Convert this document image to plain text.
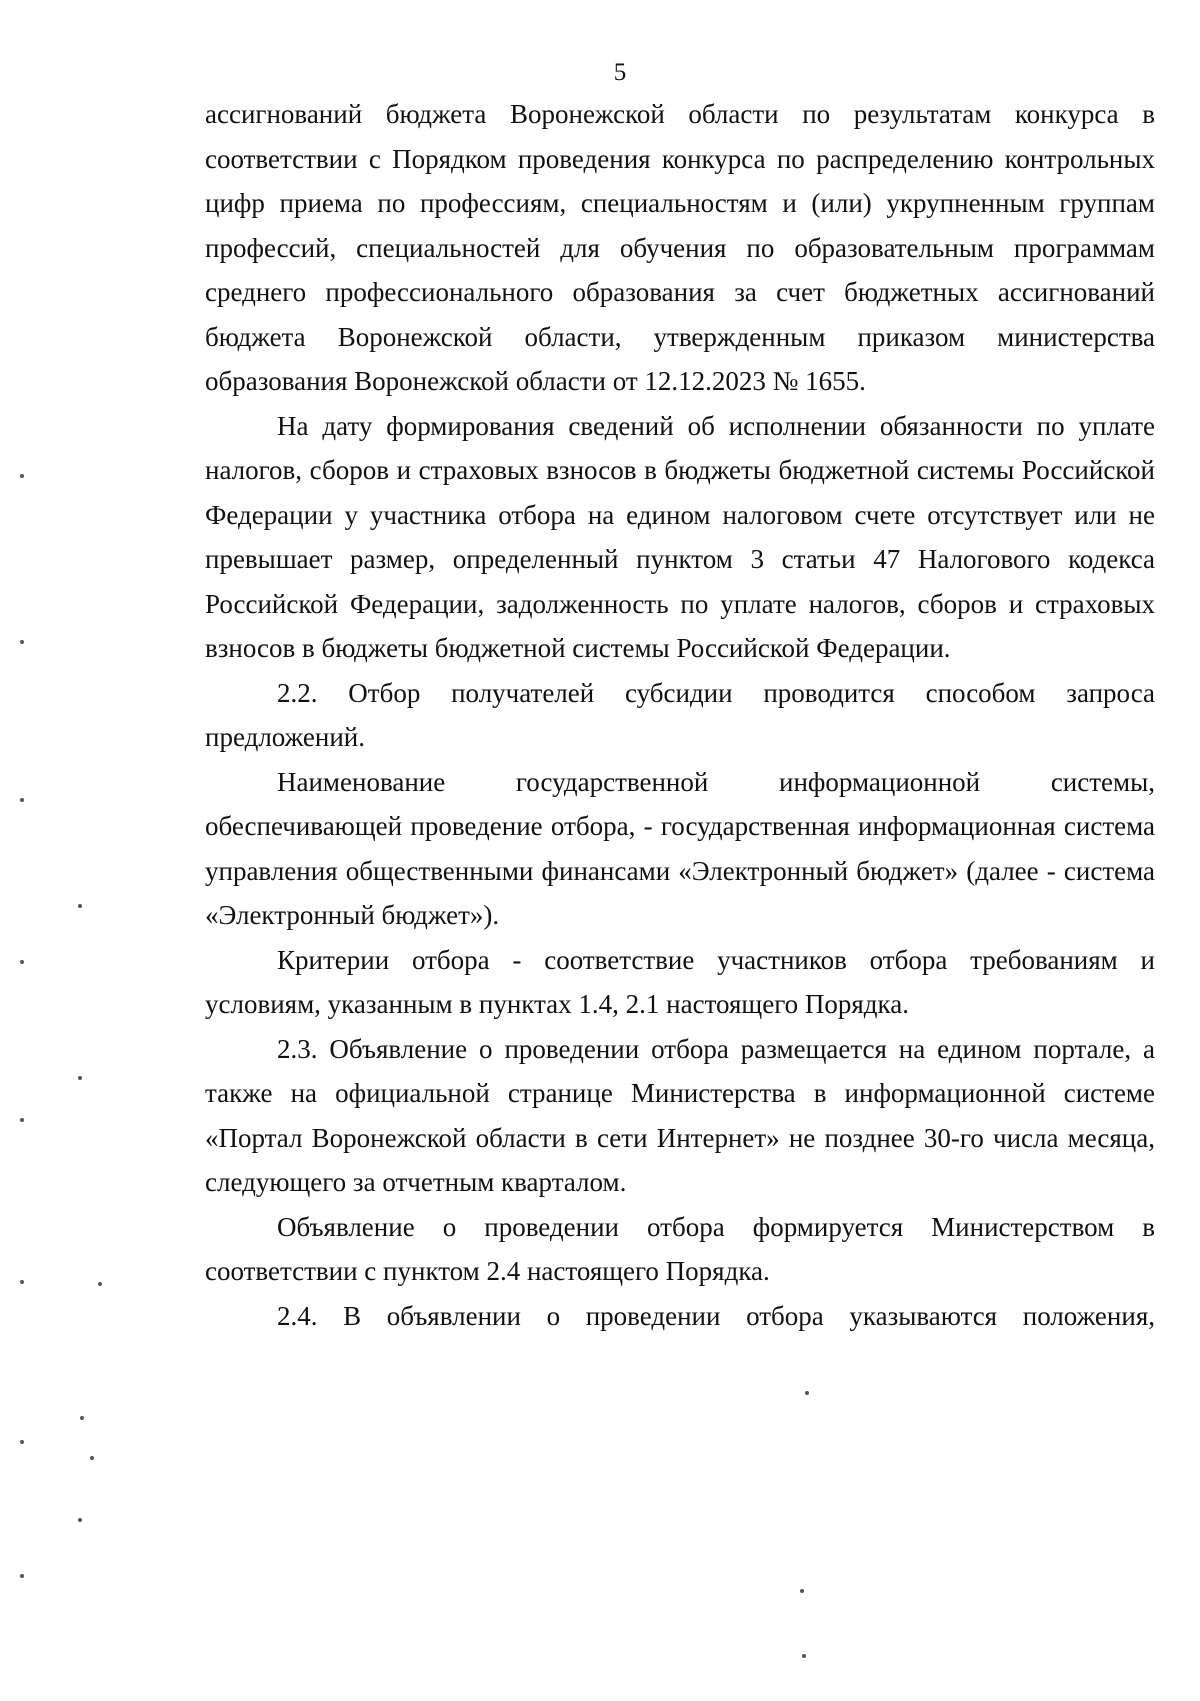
5

ассигнований бюджета Воронежской области по результатам конкурса в соответствии с Порядком проведения конкурса по распределению контрольных цифр приема по профессиям, специальностям и (или) укрупненным группам профессий, специальностей для обучения по образовательным программам среднего профессионального образования за счет бюджетных ассигнований бюджета Воронежской области, утвержденным приказом министерства образования Воронежской области от 12.12.2023 № 1655.

На дату формирования сведений об исполнении обязанности по уплате налогов, сборов и страховых взносов в бюджеты бюджетной системы Российской Федерации у участника отбора на едином налоговом счете отсутствует или не превышает размер, определенный пунктом 3 статьи 47 Налогового кодекса Российской Федерации, задолженность по уплате налогов, сборов и страховых взносов в бюджеты бюджетной системы Российской Федерации.

2.2. Отбор получателей субсидии проводится способом запроса предложений.

Наименование государственной информационной системы, обеспечивающей проведение отбора, - государственная информационная система управления общественными финансами «Электронный бюджет» (далее - система «Электронный бюджет»).

Критерии отбора - соответствие участников отбора требованиям и условиям, указанным в пунктах 1.4, 2.1 настоящего Порядка.

2.3. Объявление о проведении отбора размещается на едином портале, а также на официальной странице Министерства в информационной системе «Портал Воронежской области в сети Интернет» не позднее 30-го числа месяца, следующего за отчетным кварталом.

Объявление о проведении отбора формируется Министерством в соответствии с пунктом 2.4 настоящего Порядка.

2.4. В объявлении о проведении отбора указываются положения,
